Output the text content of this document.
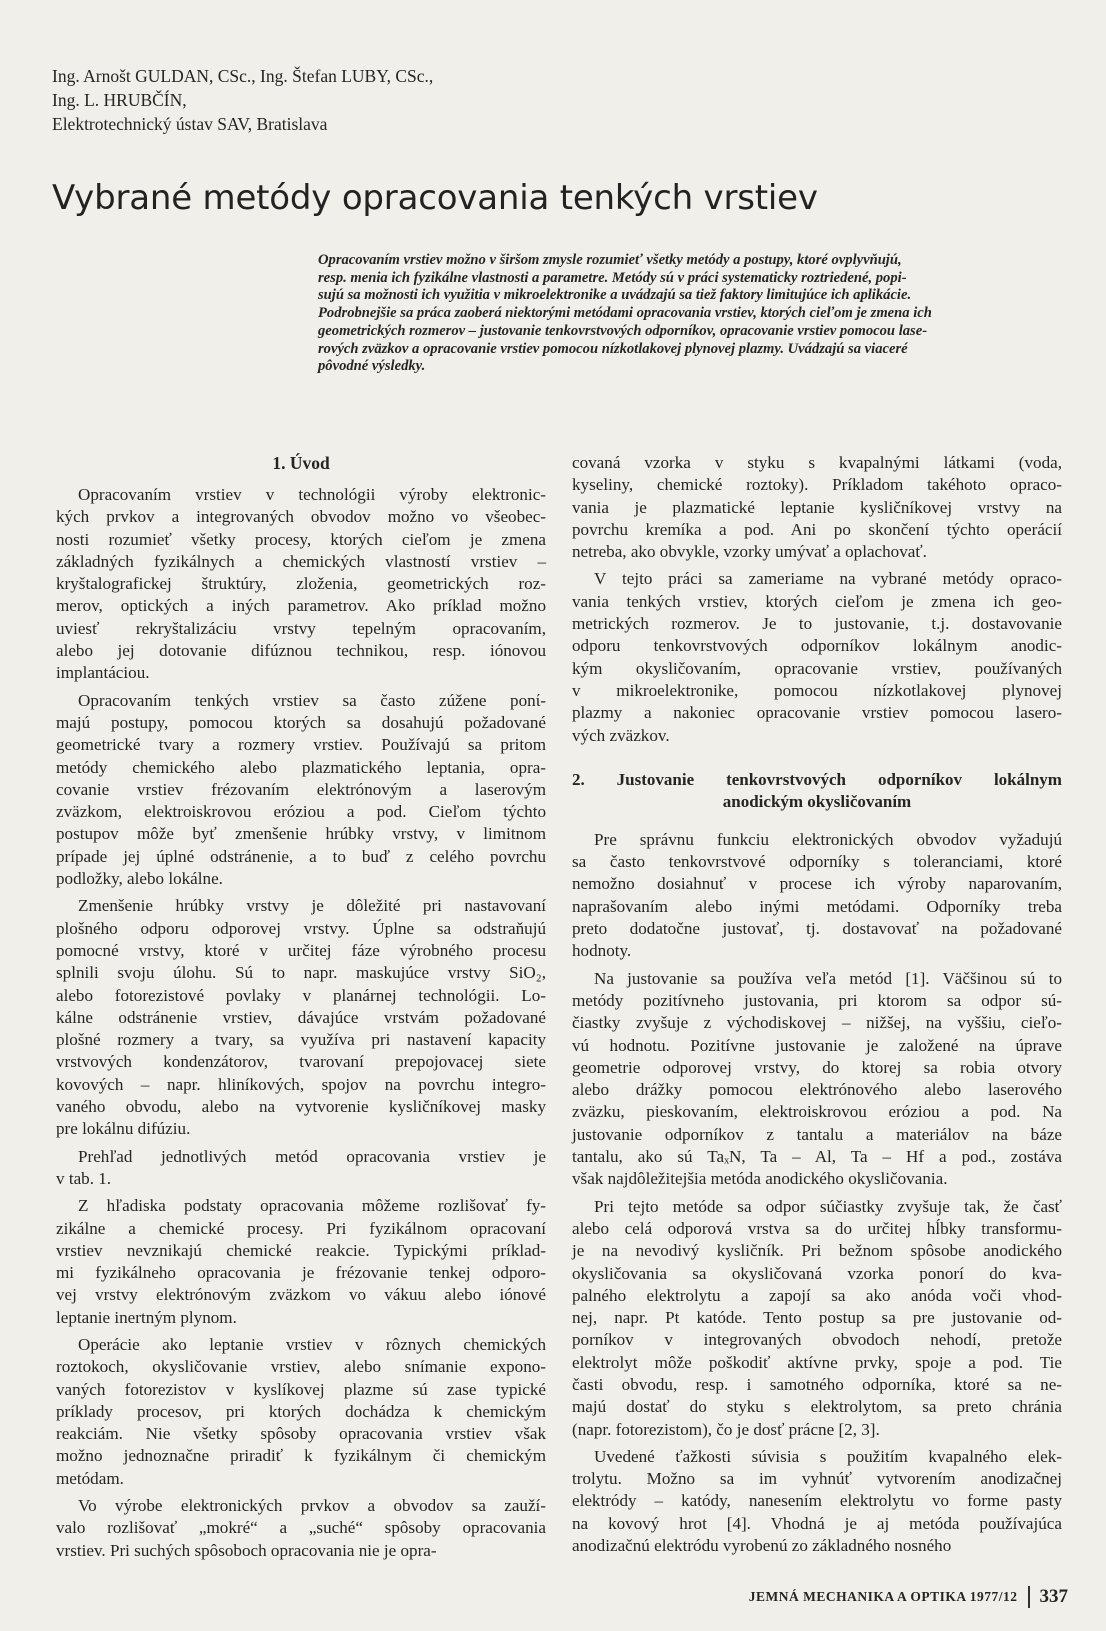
Ing. Arnošt GULDAN, CSc., Ing. Štefan LUBY, CSc.,
Ing. L. HRUBČÍN,
Elektrotechnický ústav SAV, Bratislava
Vybrané metódy opracovania tenkých vrstiev
Opracovaním vrstiev možno v širšom zmysle rozumieť všetky metódy a postupy, ktoré ovplyvňujú,
resp. menia ich fyzikálne vlastnosti a parametre. Metódy sú v práci systematicky roztriedené, popi-
sujú sa možnosti ich využitia v mikroelektronike a uvádzajú sa tiež faktory limitujúce ich aplikácie.
Podrobnejšie sa práca zaoberá niektorými metódami opracovania vrstiev, ktorých cieľom je zmena ich
geometrických rozmerov – justovanie tenkovrstvových odporníkov, opracovanie vrstiev pomocou lase-
rových zväzkov a opracovanie vrstiev pomocou nízkotlakovej plynovej plazmy. Uvádzajú sa viaceré
pôvodné výsledky.
1. Úvod
Opracovaním vrstiev v technológii výroby elektronic-
kých prvkov a integrovaných obvodov možno vo všeobec-
nosti rozumieť všetky procesy, ktorých cieľom je zmena
základných fyzikálnych a chemických vlastností vrstiev –
kryštalografickej štruktúry, zloženia, geometrických roz-
merov, optických a iných parametrov. Ako príklad možno
uviesť rekryštalizáciu vrstvy tepelným opracovaním,
alebo jej dotovanie difúznou technikou, resp. iónovou
implantáciou.
Opracovaním tenkých vrstiev sa často zúžene ponί-
majú postupy, pomocou ktorých sa dosahujú požadované
geometrické tvary a rozmery vrstiev. Používajú sa pritom
metódy chemického alebo plazmatického leptania, opra-
covanie vrstiev frézovaním elektrónovým a laserovým
zväzkom, elektroiskrovou eróziou a pod. Cieľom týchto
postupov môže byť zmenšenie hrúbky vrstvy, v limitnom
prípade jej úplné odstránenie, a to buď z celého povrchu
podložky, alebo lokálne.
Zmenšenie hrúbky vrstvy je dôležité pri nastavovaní
plošného odporu odporovej vrstvy. Úplne sa odstraňujú
pomocné vrstvy, ktoré v určitej fáze výrobného procesu
splnili svoju úlohu. Sú to napr. maskujúce vrstvy SiO₂,
alebo fotorezistové povlaky v planárnej technológii. Lo-
kálne odstránenie vrstiev, dávajúce vrstvám požadované
plošné rozmery a tvary, sa využíva pri nastavení kapacity
vrstvových kondenzátorov, tvarovaní prepojovacej siete
kovových – napr. hliníkových, spojov na povrchu integro-
vaného obvodu, alebo na vytvorenie kysličníkovej masky
pre lokálnu difúziu.
Prehľad jednotlivých metód opracovania vrstiev je
v tab. 1.
Z hľadiska podstaty opracovania môžeme rozlišovať fy-
zikálne a chemické procesy. Pri fyzikálnom opracovaní
vrstiev nevznikajú chemické reakcie. Typickými príklad-
mi fyzikálneho opracovania je frézovanie tenkej odporo-
vej vrstvy elektrónovým zväzkom vo vákuu alebo iónové
leptanie inertným plynom.
Operácie ako leptanie vrstiev v rôznych chemických
roztokoch, okysličovanie vrstiev, alebo snímanie expono-
vaných fotorezistov v kyslíkovej plazme sú zase typické
príklady procesov, pri ktorých dochádza k chemickým
reakciám. Nie všetky spôsoby opracovania vrstiev však
možno jednoznačne priradiť k fyzikálnym či chemickým
metódam.
Vo výrobe elektronických prvkov a obvodov sa zauží-
valo rozlišovať „mokré“ a „suché“ spôsoby opracovania
vrstiev. Pri suchých spôsoboch opracovania nie je opra-
covaná vzorka v styku s kvapalnými látkami (voda,
kyseliny, chemické roztoky). Príkladom takéhoto opraco-
vania je plazmatické leptanie kysličníkovej vrstvy na
povrchu kremíka a pod. Ani po skončení týchto operácií
netreba, ako obvykle, vzorky umývať a oplachovať.
V tejto práci sa zameriame na vybrané metódy opraco-
vania tenkých vrstiev, ktorých cieľom je zmena ich geo-
metrických rozmerov. Je to justovanie, t.j. dostavovanie
odporu tenkovrstvových odporníkov lokálnym anodic-
kým okysličovaním, opracovanie vrstiev, používaných
v mikroelektronike, pomocou nízkotlakovej plynovej
plazmy a nakoniec opracovanie vrstiev pomocou lasero-
vých zväzkov.
2. Justovanie tenkovrstvových odporníkov lokálnym
anodickým okysličovaním
Pre správnu funkciu elektronických obvodov vyžadujú
sa často tenkovrstvové odporníky s toleranciami, ktoré
nemožno dosiahnuť v procese ich výroby naparovaním,
naprašovaním alebo inými metódami. Odporníky treba
preto dodatočne justovať, tj. dostavovať na požadované
hodnoty.
Na justovanie sa používa veľa metód [1]. Väčšinou sú to
metódy pozitívneho justovania, pri ktorom sa odpor sú-
čiastky zvyšuje z východiskovej – nižšej, na vyššiu, cieľo-
vú hodnotu. Pozitívne justovanie je založené na úprave
geometrie odporovej vrstvy, do ktorej sa robia otvory
alebo drážky pomocou elektrónového alebo laserového
zväzku, pieskovaním, elektroiskrovou eróziou a pod. Na
justovanie odporníkov z tantalu a materiálov na báze
tantalu, ako sú TaₓN, Ta – Al, Ta – Hf a pod., zostáva
však najdôležitejšia metóda anodického okysličovania.
Pri tejto metóde sa odpor súčiastky zvyšuje tak, že časť
alebo celá odporová vrstva sa do určitej hĺbky transformu-
je na nevodivý kysličník. Pri bežnom spôsobe anodického
okysličovania sa okysličovaná vzorka ponorí do kva-
palného elektrolytu a zapojí sa ako anóda voči vhod-
nej, napr. Pt katóde. Tento postup sa pre justovanie od-
porníkov v integrovaných obvodoch nehodí, pretože
elektrolyt môže poškodiť aktívne prvky, spoje a pod. Tie
časti obvodu, resp. i samotného odporníka, ktoré sa ne-
majú dostať do styku s elektrolytom, sa preto chránia
(napr. fotorezistom), čo je dosť prácne [2, 3].
Uvedené ťažkosti súvisia s použitím kvapalného elek-
trolytu. Možno sa im vyhnúť vytvorením anodizačnej
elektródy – katódy, nanesením elektrolytu vo forme pasty
na kovový hrot [4]. Vhodná je aj metóda používajúca
anodizačnú elektródu vyrobenú zo základného nosného
JEMNÁ MECHANIKA A OPTIKA 1977/12 337
